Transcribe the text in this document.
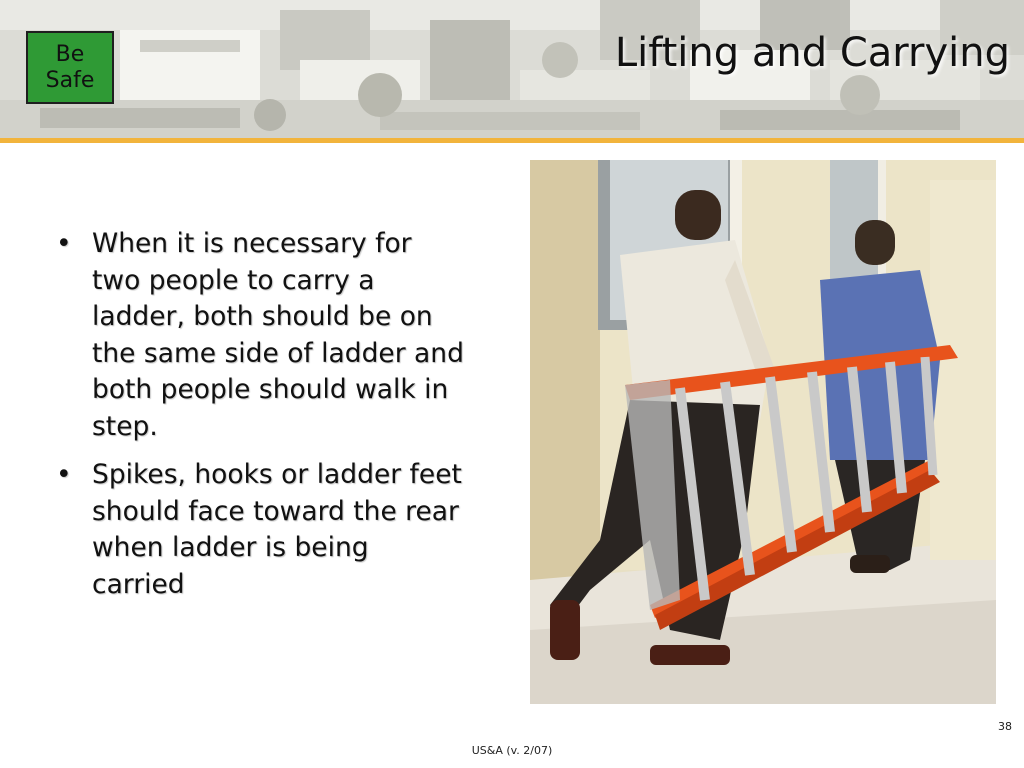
Be
Safe
Lifting and Carrying
• When it is necessary for two people to carry a ladder, both should be on the same side of ladder and both people should walk in step.
• Spikes, hooks or ladder feet should face toward the rear when ladder is being carried
38
US&A (v. 2/07)
